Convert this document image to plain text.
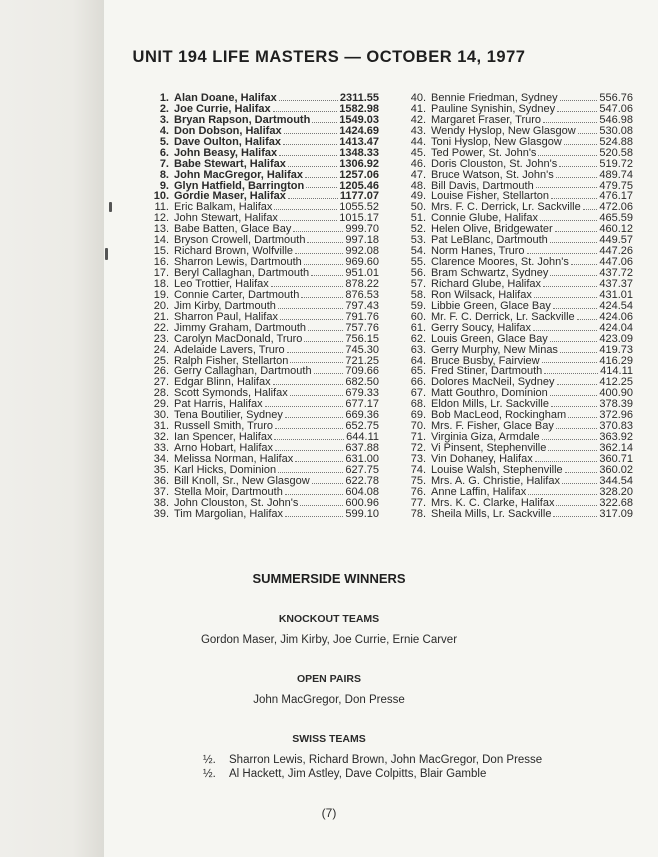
UNIT 194 LIFE MASTERS — OCTOBER 14, 1977
1. Alan Doane, Halifax	2311.55
2. Joe Currie, Halifax	1582.98
3. Bryan Rapson, Dartmouth	1549.03
4. Don Dobson, Halifax	1424.69
5. Dave Oulton, Halifax	1413.47
6. John Beasy, Halifax	1348.33
7. Babe Stewart, Halifax	1306.92
8. John MacGregor, Halifax	1257.06
9. Glyn Hatfield, Barrington	1205.46
10. Gordie Maser, Halifax	1177.07
11. Eric Balkam, Halifax	1055.52
12. John Stewart, Halifax	1015.17
13. Babe Batten, Glace Bay	999.70
14. Bryson Crowell, Dartmouth	997.18
15. Richard Brown, Wolfville	992.08
16. Sharron Lewis, Dartmouth	969.60
17. Beryl Callaghan, Dartmouth	951.01
18. Leo Trottier, Halifax	878.22
19. Connie Carter, Dartmouth	876.53
20. Jim Kirby, Dartmouth	797.43
21. Sharron Paul, Halifax	791.76
22. Jimmy Graham, Dartmouth	757.76
23. Carolyn MacDonald, Truro	756.15
24. Adelaide Lavers, Truro	745.30
25. Ralph Fisher, Stellarton	721.25
26. Gerry Callaghan, Dartmouth	709.66
27. Edgar Blinn, Halifax	682.50
28. Scott Symonds, Halifax	679.33
29. Pat Harris, Halifax	677.17
30. Tena Boutilier, Sydney	669.36
31. Russell Smith, Truro	652.75
32. Ian Spencer, Halifax	644.11
33. Arno Hobart, Halifax	637.88
34. Melissa Norman, Halifax	631.00
35. Karl Hicks, Dominion	627.75
36. Bill Knoll, Sr., New Glasgow	622.78
37. Stella Moir, Dartmouth	604.08
38. John Clouston, St. John's	600.96
39. Tim Margolian, Halifax	599.10
40. Bennie Friedman, Sydney	556.76
41. Pauline Synishin, Sydney	547.06
42. Margaret Fraser, Truro	546.98
43. Wendy Hyslop, New Glasgow 530.08
44. Toni Hyslop, New Glasgow	524.88
45. Ted Power, St. John's	520.58
46. Doris Clouston, St. John's	519.72
47. Bruce Watson, St. John's	489.74
48. Bill Davis, Dartmouth	479.75
49. Louise Fisher, Stellarton	476.17
50. Mrs. F. C. Derrick, Lr. Sackville 472.06
51. Connie Glube, Halifax	465.59
52. Helen Olive, Bridgewater	460.12
53. Pat LeBlanc, Dartmouth	449.57
54. Norm Hanes, Truro	447.26
55. Clarence Moores, St. John's	447.06
56. Bram Schwartz, Sydney	437.72
57. Richard Glube, Halifax	437.37
58. Ron Wilsack, Halifax	431.01
59. Libbie Green, Glace Bay	424.54
60. Mr. F. C. Derrick, Lr. Sackville 424.06
61. Gerry Soucy, Halifax	424.04
62. Louis Green, Glace Bay	423.09
63. Gerry Murphy, New Minas	419.73
64. Bruce Busby, Fairview	416.29
65. Fred Stiner, Dartmouth	414.11
66. Dolores MacNeil, Sydney	412.25
67. Matt Gouthro, Dominion	400.90
68. Eldon Mills, Lr. Sackville	378.39
69. Bob MacLeod, Rockingham	372.96
70. Mrs. F. Fisher, Glace Bay	370.83
71. Virginia Giza, Armdale	363.92
72. Vi Pinsent, Stephenville	362.14
73. Vin Dohaney, Halifax	360.71
74. Louise Walsh, Stephenville	360.02
75. Mrs. A. G. Christie, Halifax	344.54
76. Anne Laffin, Halifax	328.20
77. Mrs. K. C. Clarke, Halifax	322.68
78. Sheila Mills, Lr. Sackville	317.09
SUMMERSIDE WINNERS
KNOCKOUT TEAMS
Gordon Maser, Jim Kirby, Joe Currie, Ernie Carver
OPEN PAIRS
John MacGregor, Don Presse
SWISS TEAMS
½. Sharron Lewis, Richard Brown, John MacGregor, Don Presse
½. Al Hackett, Jim Astley, Dave Colpitts, Blair Gamble
(7)
